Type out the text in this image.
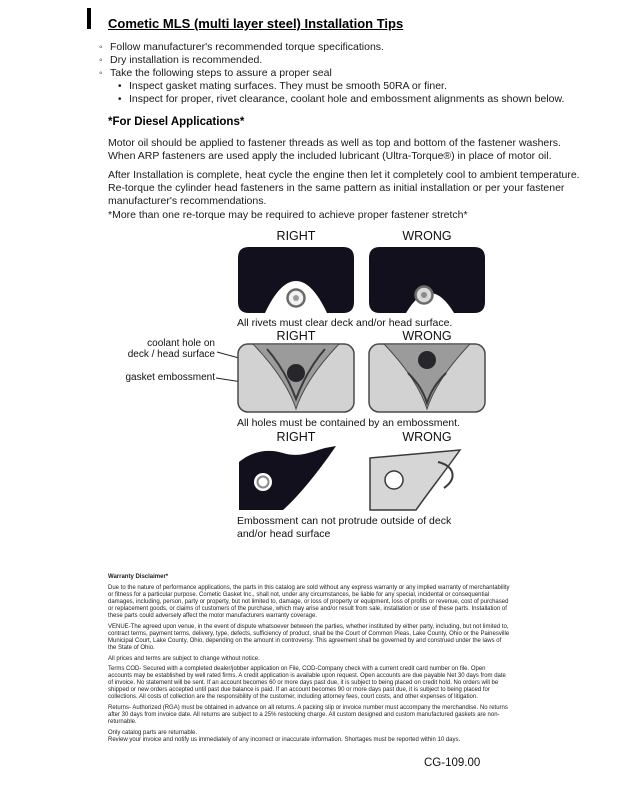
Cometic MLS (multi layer steel) Installation Tips
◦ Follow manufacturer's recommended torque specifications.
◦ Dry installation is recommended.
◦ Take the following steps to assure a proper seal
• Inspect gasket mating surfaces. They must be smooth 50RA or finer.
• Inspect for proper, rivet clearance, coolant hole and embossment alignments as shown below.
*For Diesel Applications*

Motor oil should be applied to fastener threads as well as top and bottom of the fastener washers. When ARP fasteners are used apply the included lubricant (Ultra-Torque®) in place of motor oil.

After Installation is complete, heat cycle the engine then let it completely cool to ambient temperature. Re-torque the cylinder head fasteners in the same pattern as initial installation or per your fastener manufacturer's recommendations.

*More than one re-torque may be required to achieve proper fastener stretch*

RIGHT	WRONG
All rivets must clear deck and/or head surface.
RIGHT	WRONG
coolant hole on
deck / head surface
gasket embossment
All holes must be contained by an embossment.
RIGHT	WRONG
Embossment can not protrude outside of deck
and/or head surface

Warranty Disclaimer*

Due to the nature of performance applications, the parts in this catalog are sold without any express warranty or any implied warranty of merchantability or fitness for a particular purpose. Cometic Gasket Inc., shall not, under any circumstances, be liable for any special, incidental or consequential damages, including, person, party or property, but not limited to, damage, or loss of property or equipment, loss of profits or revenue, cost of purchased or replacement goods, or claims of customers of the purchase, which may arise and/or result from sale, installation or use of these parts. Installation of these parts could adversely affect the motor manufacturers warranty coverage.

VENUE-The agreed upon venue, in the event of dispute whatsoever between the parties, whether instituted by either party, including, but not limited to, contract terms, payment terms, delivery, type, defects, sufficiency of product, shall be the Court of Common Pleas, Lake County, Ohio or the Painesville Municipal Court, Lake County, Ohio, depending on the amount in controversy. This agreement shall be governed by and construed under the laws of the State of Ohio.

All prices and terms are subject to change without notice.

Terms COD- Secured with a completed dealer/jobber application on File, COD-Company check with a current credit card number on file. Open accounts may be established by well rated firms. A credit application is available upon request. Open accounts are due payable Net 30 days from date of invoice. No statement will be sent. If an account becomes 60 or more days past due, it is subject to being placed on credit hold. No orders will be shipped or new orders accepted until past due balance is paid. If an account becomes 90 or more days past due, it is subject to being placed for collections. All costs of collection are the responsibility of the customer, including attorney fees, court costs, and other expenses of litigation.

Returns- Authorized (RGA) must be obtained in advance on all returns. A packing slip or invoice number must accompany the merchandise. No returns after 30 days from invoice date. All returns are subject to a 25% restocking charge. All custom designed and custom manufactured gaskets are non-returnable.

Only catalog parts are returnable.

Review your invoice and notify us immediately of any incorrect or inaccurate information. Shortages must be reported within 10 days.

CG-109.00
